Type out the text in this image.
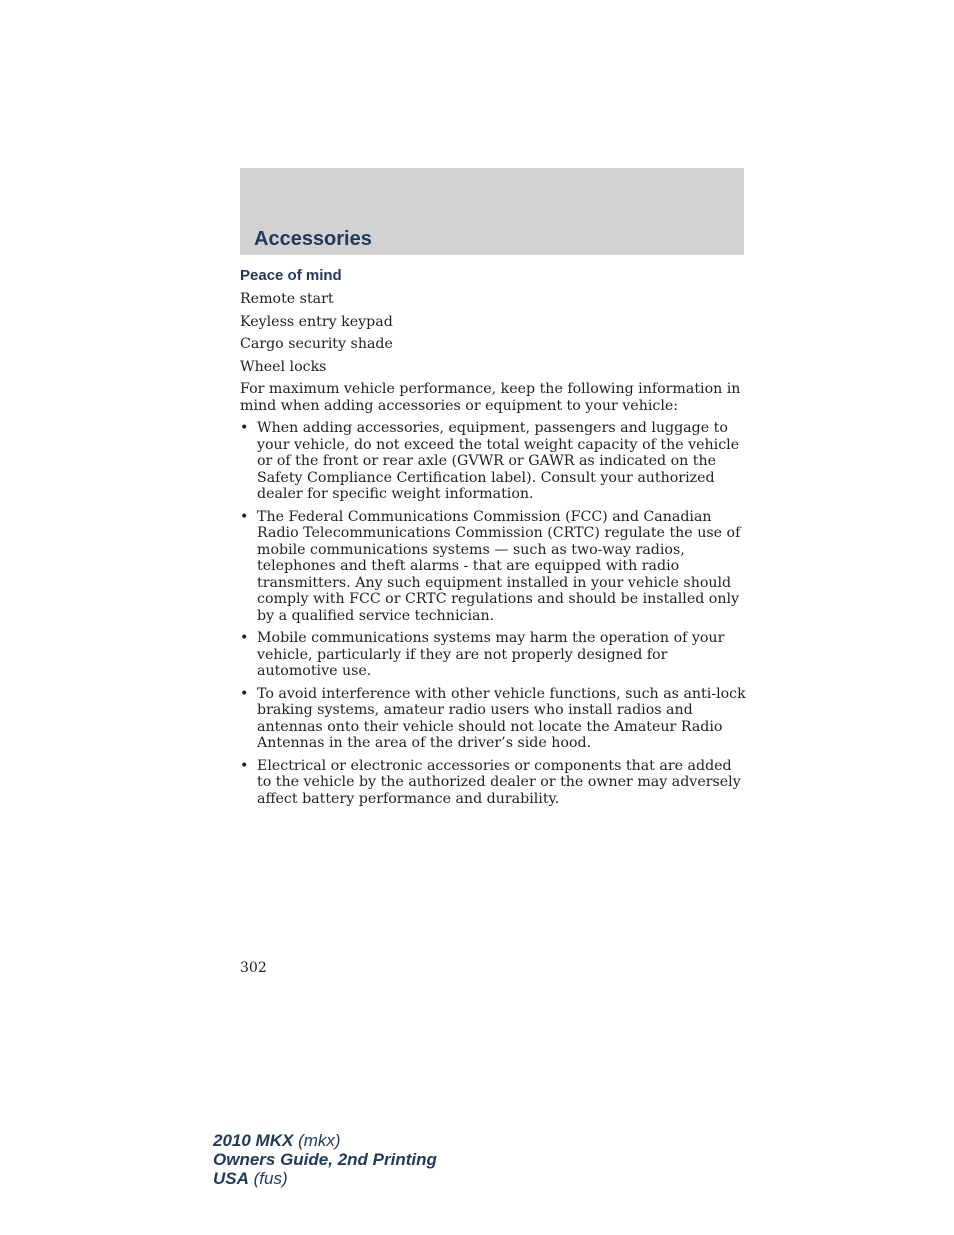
Accessories
Peace of mind

Remote start

Keyless entry keypad

Cargo security shade

Wheel locks

For maximum vehicle performance, keep the following information in mind when adding accessories or equipment to your vehicle:

• When adding accessories, equipment, passengers and luggage to your vehicle, do not exceed the total weight capacity of the vehicle or of the front or rear axle (GVWR or GAWR as indicated on the Safety Compliance Certification label). Consult your authorized dealer for specific weight information.
• The Federal Communications Commission (FCC) and Canadian Radio Telecommunications Commission (CRTC) regulate the use of mobile communications systems — such as two-way radios, telephones and theft alarms - that are equipped with radio transmitters. Any such equipment installed in your vehicle should comply with FCC or CRTC regulations and should be installed only by a qualified service technician.
• Mobile communications systems may harm the operation of your vehicle, particularly if they are not properly designed for automotive use.
• To avoid interference with other vehicle functions, such as anti-lock braking systems, amateur radio users who install radios and antennas onto their vehicle should not locate the Amateur Radio Antennas in the area of the driver’s side hood.
• Electrical or electronic accessories or components that are added to the vehicle by the authorized dealer or the owner may adversely affect battery performance and durability.
302
2010 MKX (mkx)
Owners Guide, 2nd Printing
USA (fus)
